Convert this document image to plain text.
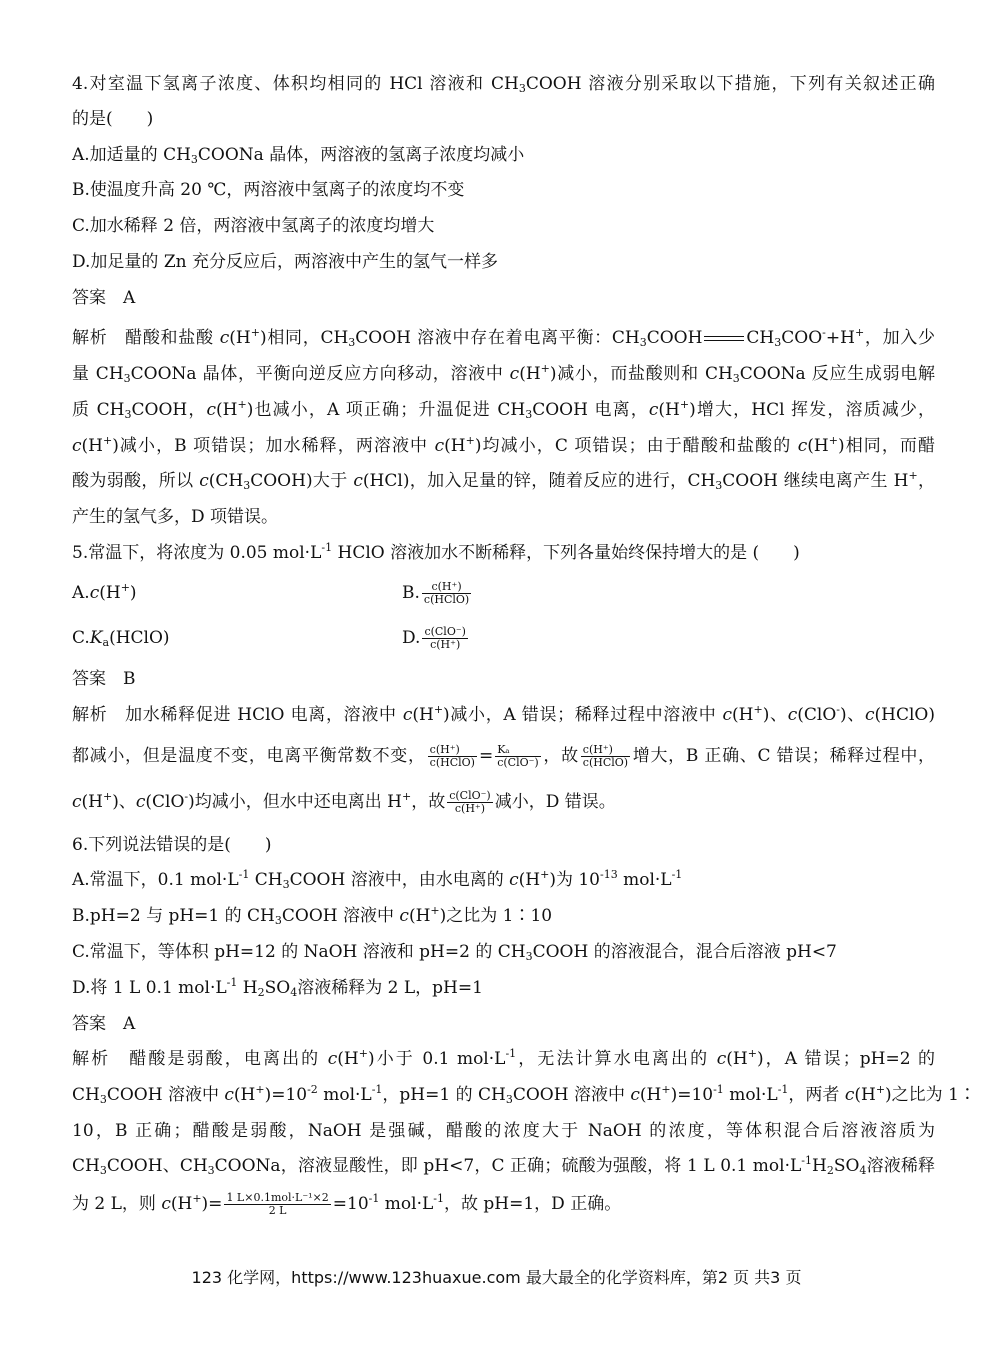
4.对室温下氢离子浓度、体积均相同的 HCl 溶液和 $CH_3COOH$ 溶液分别采取以下措施，下列有关叙述正确
的是(　　)
A.加适量的 $CH_3COONa$ 晶体，两溶液的氢离子浓度均减小
B.使温度升高 20 ℃，两溶液中氢离子的浓度均不变
C.加水稀释 2 倍，两溶液中氢离子的浓度均增大
D.加足量的 Zn 充分反应后，两溶液中产生的氢气一样多
答案　A
解析　醋酸和盐酸 c(H+)相同，$CH_3COOH$ 溶液中存在着电离平衡：$CH_3COOH$	$CH_3COO^-+H^+$，加入少
量 $CH_3COONa$ 晶体，平衡向逆反应方向移动，溶液中 c(H+)减小，而盐酸则和 $CH_3COONa$ 反应生成弱电解
质 $CH_3COOH$，c(H+)也减小，A 项正确；升温促进 $CH_3COOH$ 电离，c(H+)增大，HCl 挥发，溶质减少，
c(H+)减小，B 项错误；加水稀释，两溶液中 c(H+)均减小，C 项错误；由于醋酸和盐酸的 c(H+)相同，而醋
酸为弱酸，所以 $c(CH_3COOH)$大于 c(HCl)，加入足量的锌，随着反应的进行，$CH_3COOH$ 继续电离产生 H+，
产生的氢气多，D 项错误。
5.常温下，将浓度为 0.05 $mol\cdot L^{-1}$ HClO 溶液加水不断稀释，下列各量始终保持增大的是 (　　)
A.c(H+)	B. $\frac{c(H^+)}{\text{c(HClO)}}$
$C.K_a(HClO)$	D. $\frac{\text{c(ClO⁻)}}{c(H^+)}$
答案　B
解析　加水稀释促进 HClO 电离，溶液中 c(H+)减小，A 错误；稀释过程中溶液中 c(H+)、c(ClO-)、c(HClO)
都减小，但是温度不变，电离平衡常数不变， $\frac{c(H^+)}{\text{c(HClO)}} = \frac{\text{Kₐ}}{\text{c(ClO⁻)}}$ ，故 $\frac{c(H^+)}{\text{c(HClO)}}$ 增大，B 正确、C 错误；稀释过程中，
c(H+)、c(ClO-)均减小，但水中还电离出 H+，故 $\frac{\text{c(ClO⁻)}}{c(H^+)}$ 减小，D 错误。
6.下列说法错误的是(　　)
A.常温下，0.1 $mol\cdot L^{-1}$ $CH_3COOH$ 溶液中，由水电离的 c(H+)为 $10^{-13}$ $mol\cdot L^{-1}$
B.pH=2 与 pH=1 的 $CH_3COOH$ 溶液中 c(H+)之比为 1∶10
C.常温下，等体积 pH=12 的 NaOH 溶液和 pH=2 的 $CH_3COOH$ 的溶液混合，混合后溶液 pH<7
D.将 1 L 0.1 $mol\cdot L^{-1}$ $H_2SO_4$溶液稀释为 2 L，pH=1
答案　A
解析　醋酸是弱酸，电离出的 c(H+)小于 0.1 $mol\cdot L^{-1}$，无法计算水电离出的 c(H+)，A 错误；pH=2 的
$CH_3COOH$ 溶液中 $c(H^+)=10^{-2}$ $mol\cdot L^{-1}$，pH=1 的 $CH_3COOH$ 溶液中 $c(H^+)=10^{-1}$ $mol\cdot L^{-1}$，两者 c(H+)之比为 1∶
10，B 正确；醋酸是弱酸，NaOH 是强碱，醋酸的浓度大于 NaOH 的浓度，等体积混合后溶液溶质为
$CH_3COOH$、$CH_3COONa$，溶液显酸性，即 pH<7，C 正确；硫酸为强酸，将 1 L 0.1 $mol\cdot L^{-1}H_2SO_4$溶液稀释
为 2 L，则 $c(H^+)= \frac{\text{1 L×0.1mol·L⁻¹×2}}{2 L} =10^{-1}$ $mol\cdot L^{-1}$，故 pH=1，D 正确。
123 化学网，https://www.123huaxue.com 最大最全的化学资料库，第2 页 共3 页
